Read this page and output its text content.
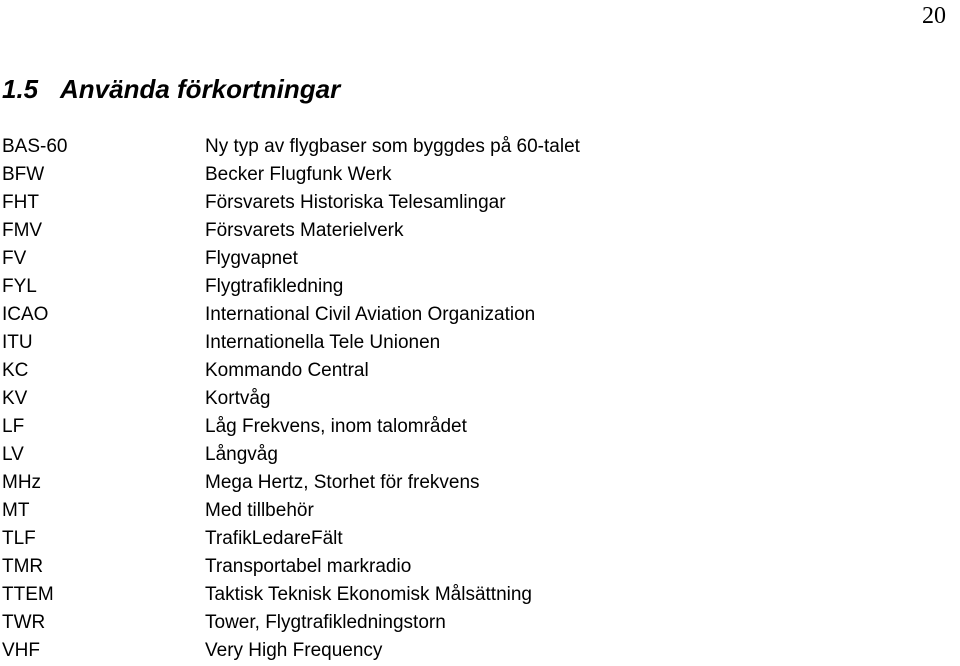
20
1.5 Använda förkortningar
BAS-60	Ny typ av flygbaser som byggdes på 60-talet
BFW	Becker Flugfunk Werk
FHT	Försvarets Historiska Telesamlingar
FMV	Försvarets Materielverk
FV	Flygvapnet
FYL	Flygtrafikledning
ICAO	International Civil Aviation Organization
ITU	Internationella Tele Unionen
KC	Kommando Central
KV	Kortvåg
LF	Låg Frekvens, inom talområdet
LV	Långvåg
MHz	Mega Hertz, Storhet för frekvens
MT	Med tillbehör
TLF	TrafikLedareFält
TMR	Transportabel markradio
TTEM	Taktisk Teknisk Ekonomisk Målsättning
TWR	Tower, Flygtrafikledningstorn
VHF	Very High Frequency
